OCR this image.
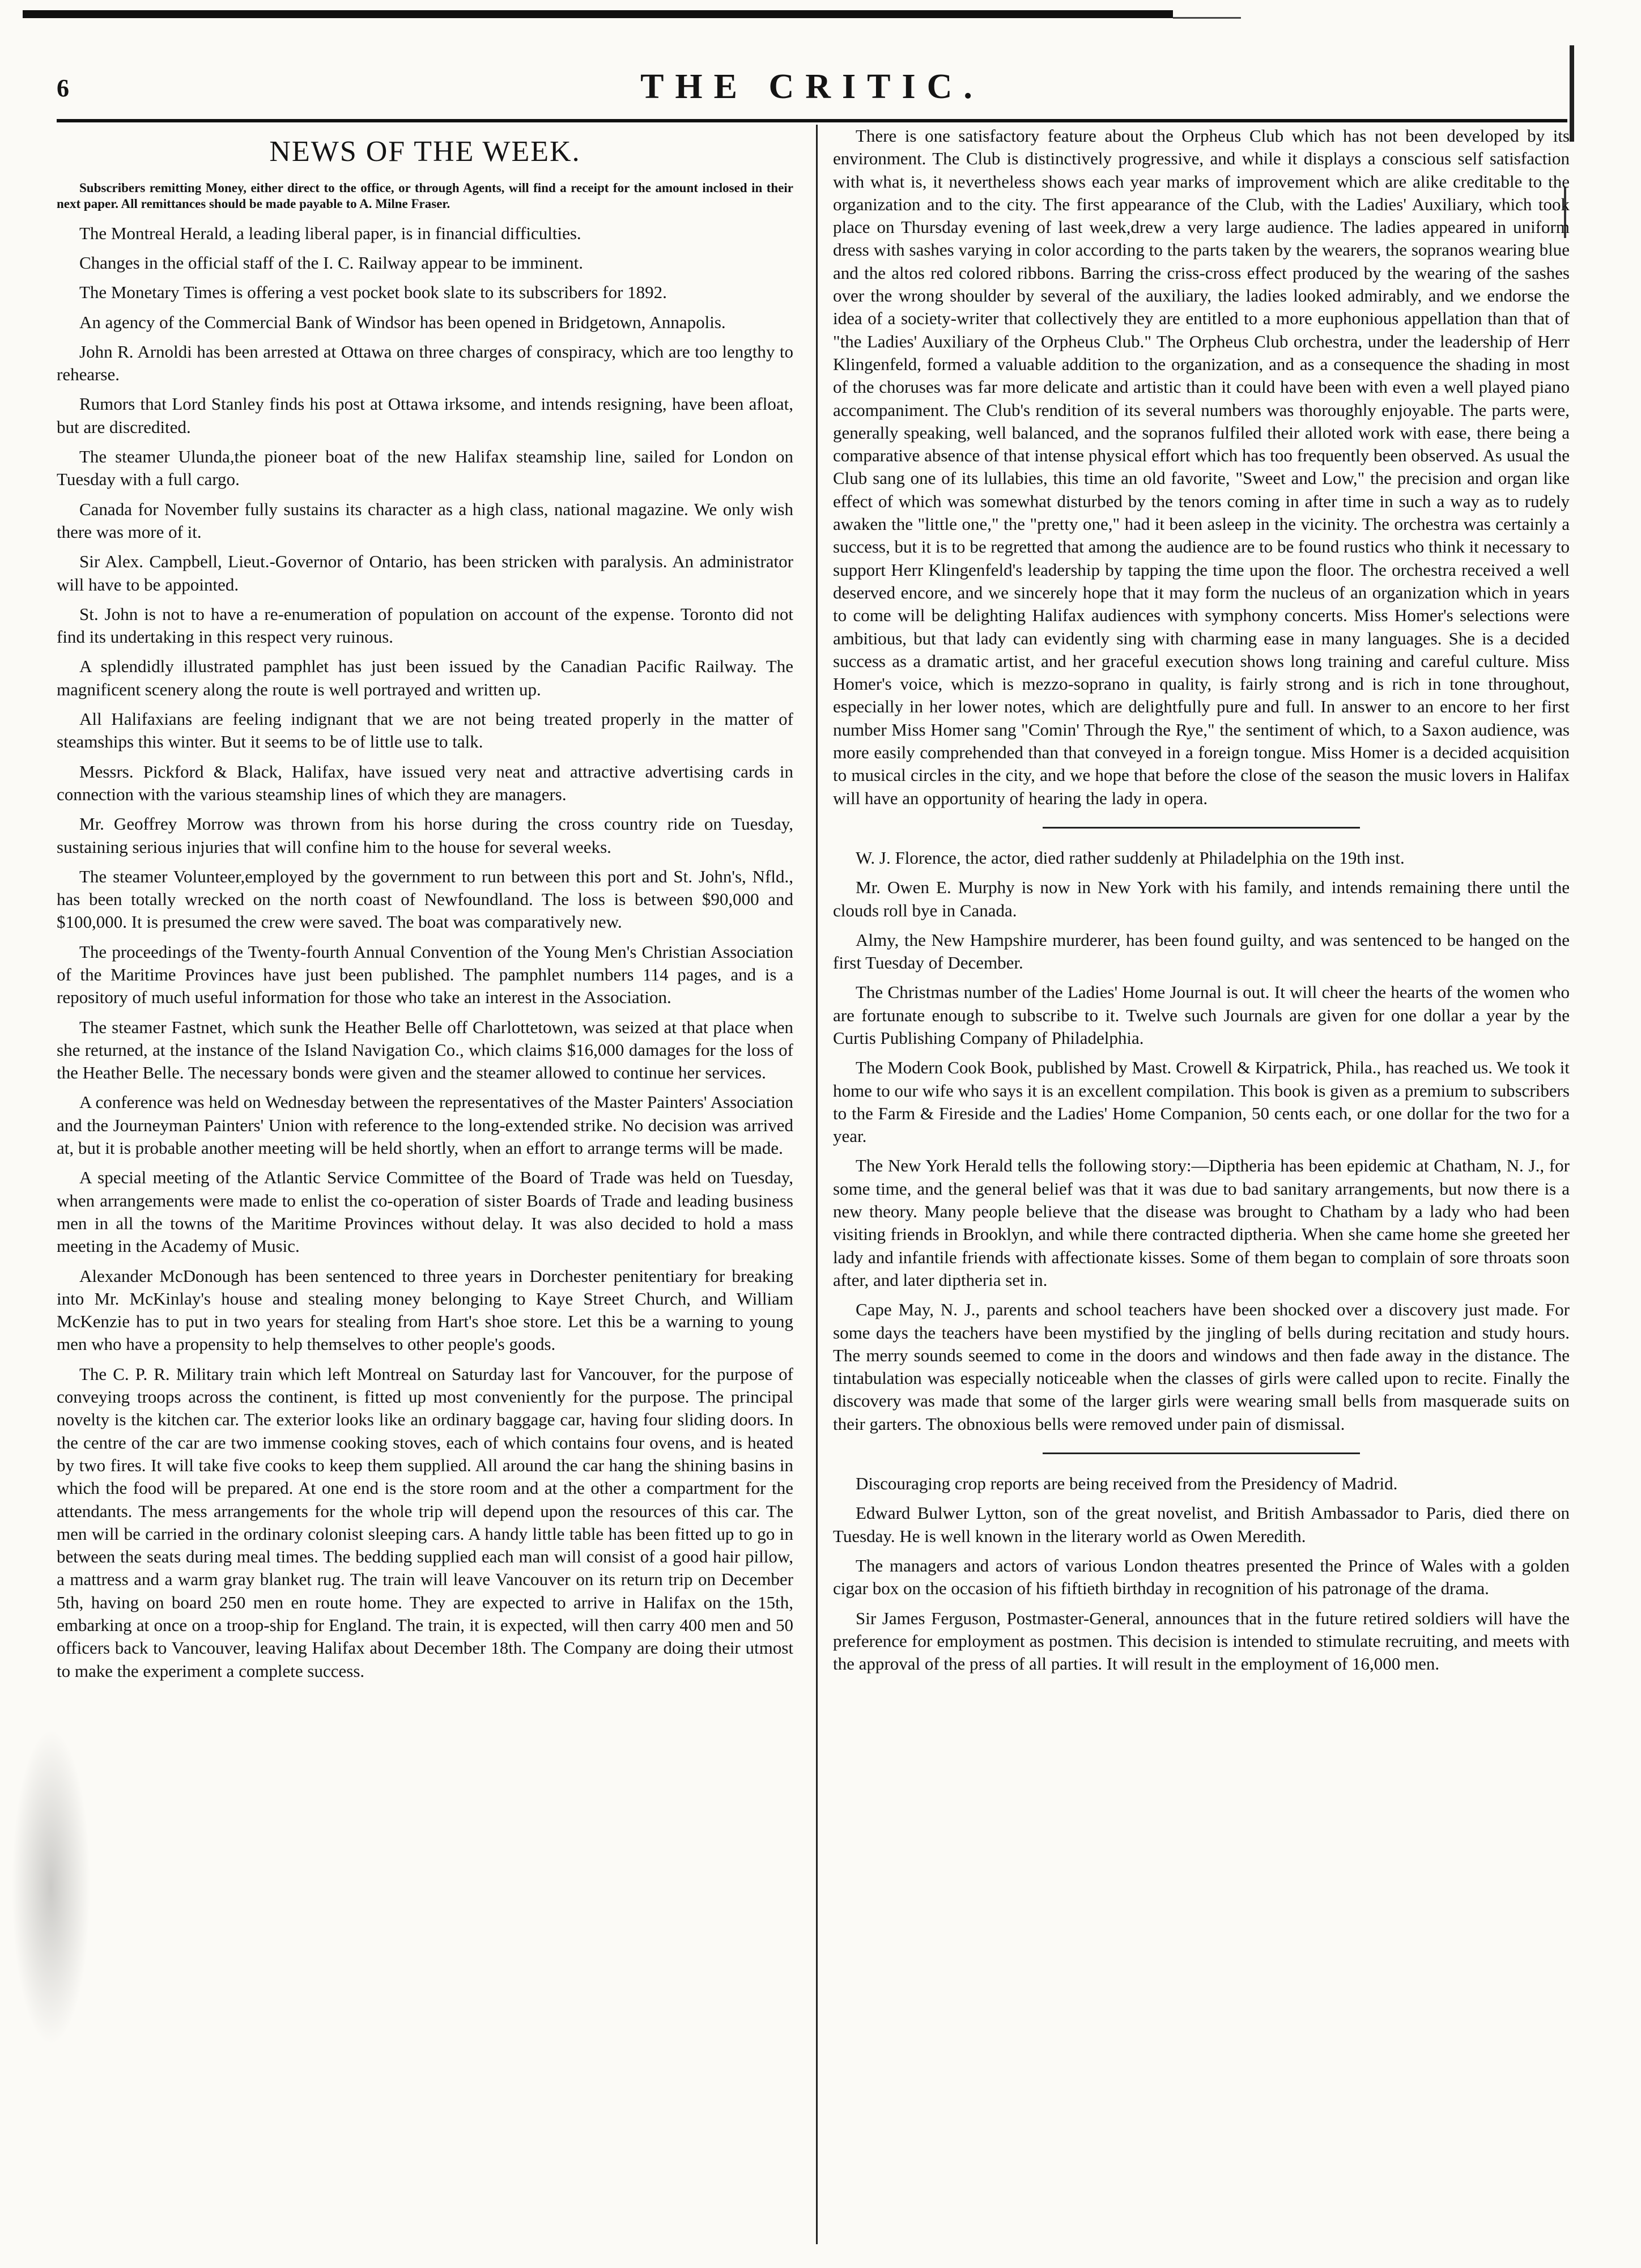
6	THE CRITIC.
NEWS OF THE WEEK.
Subscribers remitting Money, either direct to the office, or through Agents, will find a receipt for the amount inclosed in their next paper. All remittances should be made payable to A. Milne Fraser.

The Montreal Herald, a leading liberal paper, is in financial difficulties.

Changes in the official staff of the I. C. Railway appear to be imminent.

The Monetary Times is offering a vest pocket book slate to its subscribers for 1892.

An agency of the Commercial Bank of Windsor has been opened in Bridgetown, Annapolis.

John R. Arnoldi has been arrested at Ottawa on three charges of conspiracy, which are too lengthy to rehearse.

Rumors that Lord Stanley finds his post at Ottawa irksome, and intends resigning, have been afloat, but are discredited.

The steamer Ulunda,the pioneer boat of the new Halifax steamship line, sailed for London on Tuesday with a full cargo.

Canada for November fully sustains its character as a high class, national magazine. We only wish there was more of it.

Sir Alex. Campbell, Lieut.-Governor of Ontario, has been stricken with paralysis. An administrator will have to be appointed.

St. John is not to have a re-enumeration of population on account of the expense. Toronto did not find its undertaking in this respect very ruinous.

A splendidly illustrated pamphlet has just been issued by the Canadian Pacific Railway. The magnificent scenery along the route is well portrayed and written up.

All Halifaxians are feeling indignant that we are not being treated properly in the matter of steamships this winter. But it seems to be of little use to talk.

Messrs. Pickford & Black, Halifax, have issued very neat and attractive advertising cards in connection with the various steamship lines of which they are managers.

Mr. Geoffrey Morrow was thrown from his horse during the cross country ride on Tuesday, sustaining serious injuries that will confine him to the house for several weeks.

The steamer Volunteer,employed by the government to run between this port and St. John's, Nfld., has been totally wrecked on the north coast of Newfoundland. The loss is between $90,000 and $100,000. It is presumed the crew were saved. The boat was comparatively new.

The proceedings of the Twenty-fourth Annual Convention of the Young Men's Christian Association of the Maritime Provinces have just been published. The pamphlet numbers 114 pages, and is a repository of much useful information for those who take an interest in the Association.

The steamer Fastnet, which sunk the Heather Belle off Charlottetown, was seized at that place when she returned, at the instance of the Island Navigation Co., which claims $16,000 damages for the loss of the Heather Belle. The necessary bonds were given and the steamer allowed to continue her services.

A conference was held on Wednesday between the representatives of the Master Painters' Association and the Journeyman Painters' Union with reference to the long-extended strike. No decision was arrived at, but it is probable another meeting will be held shortly, when an effort to arrange terms will be made.

A special meeting of the Atlantic Service Committee of the Board of Trade was held on Tuesday, when arrangements were made to enlist the co-operation of sister Boards of Trade and leading business men in all the towns of the Maritime Provinces without delay. It was also decided to hold a mass meeting in the Academy of Music.

Alexander McDonough has been sentenced to three years in Dorchester penitentiary for breaking into Mr. McKinlay's house and stealing money belonging to Kaye Street Church, and William McKenzie has to put in two years for stealing from Hart's shoe store. Let this be a warning to young men who have a propensity to help themselves to other people's goods.

The C. P. R. Military train which left Montreal on Saturday last for Vancouver, for the purpose of conveying troops across the continent, is fitted up most conveniently for the purpose. The principal novelty is the kitchen car. The exterior looks like an ordinary baggage car, having four sliding doors. In the centre of the car are two immense cooking stoves, each of which contains four ovens, and is heated by two fires. It will take five cooks to keep them supplied. All around the car hang the shining basins in which the food will be prepared. At one end is the store room and at the other a compartment for the attendants. The mess arrangements for the whole trip will depend upon the resources of this car. The men will be carried in the ordinary colonist sleeping cars. A handy little table has been fitted up to go in between the seats during meal times. The bedding supplied each man will consist of a good hair pillow, a mattress and a warm gray blanket rug. The train will leave Vancouver on its return trip on December 5th, having on board 250 men en route home. They are expected to arrive in Halifax on the 15th, embarking at once on a troop-ship for England. The train, it is expected, will then carry 400 men and 50 officers back to Vancouver, leaving Halifax about December 18th. The Company are doing their utmost to make the experiment a complete success.

There is one satisfactory feature about the Orpheus Club which has not been developed by its environment. The Club is distinctively progressive, and while it displays a conscious self satisfaction with what is, it nevertheless shows each year marks of improvement which are alike creditable to the organization and to the city. The first appearance of the Club, with the Ladies' Auxiliary, which took place on Thursday evening of last week,drew a very large audience. The ladies appeared in uniform dress with sashes varying in color according to the parts taken by the wearers, the sopranos wearing blue and the altos red colored ribbons. Barring the criss-cross effect produced by the wearing of the sashes over the wrong shoulder by several of the auxiliary, the ladies looked admirably, and we endorse the idea of a society-writer that collectively they are entitled to a more euphonious appellation than that of "the Ladies' Auxiliary of the Orpheus Club." The Orpheus Club orchestra, under the leadership of Herr Klingenfeld, formed a valuable addition to the organization, and as a consequence the shading in most of the choruses was far more delicate and artistic than it could have been with even a well played piano accompaniment. The Club's rendition of its several numbers was thoroughly enjoyable. The parts were, generally speaking, well balanced, and the sopranos fulfiled their alloted work with ease, there being a comparative absence of that intense physical effort which has too frequently been observed. As usual the Club sang one of its lullabies, this time an old favorite, "Sweet and Low," the precision and organ like effect of which was somewhat disturbed by the tenors coming in after time in such a way as to rudely awaken the "little one," the "pretty one," had it been asleep in the vicinity. The orchestra was certainly a success, but it is to be regretted that among the audience are to be found rustics who think it necessary to support Herr Klingenfeld's leadership by tapping the time upon the floor. The orchestra received a well deserved encore, and we sincerely hope that it may form the nucleus of an organization which in years to come will be delighting Halifax audiences with symphony concerts. Miss Homer's selections were ambitious, but that lady can evidently sing with charming ease in many languages. She is a decided success as a dramatic artist, and her graceful execution shows long training and careful culture. Miss Homer's voice, which is mezzo-soprano in quality, is fairly strong and is rich in tone throughout, especially in her lower notes, which are delightfully pure and full. In answer to an encore to her first number Miss Homer sang "Comin' Through the Rye," the sentiment of which, to a Saxon audience, was more easily comprehended than that conveyed in a foreign tongue. Miss Homer is a decided acquisition to musical circles in the city, and we hope that before the close of the season the music lovers in Halifax will have an opportunity of hearing the lady in opera.

W. J. Florence, the actor, died rather suddenly at Philadelphia on the 19th inst.

Mr. Owen E. Murphy is now in New York with his family, and intends remaining there until the clouds roll bye in Canada.

Almy, the New Hampshire murderer, has been found guilty, and was sentenced to be hanged on the first Tuesday of December.

The Christmas number of the Ladies' Home Journal is out. It will cheer the hearts of the women who are fortunate enough to subscribe to it. Twelve such Journals are given for one dollar a year by the Curtis Publishing Company of Philadelphia.

The Modern Cook Book, published by Mast. Crowell & Kirpatrick, Phila., has reached us. We took it home to our wife who says it is an excellent compilation. This book is given as a premium to subscribers to the Farm & Fireside and the Ladies' Home Companion, 50 cents each, or one dollar for the two for a year.

The New York Herald tells the following story:—Diptheria has been epidemic at Chatham, N. J., for some time, and the general belief was that it was due to bad sanitary arrangements, but now there is a new theory. Many people believe that the disease was brought to Chatham by a lady who had been visiting friends in Brooklyn, and while there contracted diptheria. When she came home she greeted her lady and infantile friends with affectionate kisses. Some of them began to complain of sore throats soon after, and later diptheria set in.

Cape May, N. J., parents and school teachers have been shocked over a discovery just made. For some days the teachers have been mystified by the jingling of bells during recitation and study hours. The merry sounds seemed to come in the doors and windows and then fade away in the distance. The tintabulation was especially noticeable when the classes of girls were called upon to recite. Finally the discovery was made that some of the larger girls were wearing small bells from masquerade suits on their garters. The obnoxious bells were removed under pain of dismissal.

Discouraging crop reports are being received from the Presidency of Madrid.

Edward Bulwer Lytton, son of the great novelist, and British Ambassador to Paris, died there on Tuesday. He is well known in the literary world as Owen Meredith.

The managers and actors of various London theatres presented the Prince of Wales with a golden cigar box on the occasion of his fiftieth birthday in recognition of his patronage of the drama.

Sir James Ferguson, Postmaster-General, announces that in the future retired soldiers will have the preference for employment as postmen. This decision is intended to stimulate recruiting, and meets with the approval of the press of all parties. It will result in the employment of 16,000 men.
